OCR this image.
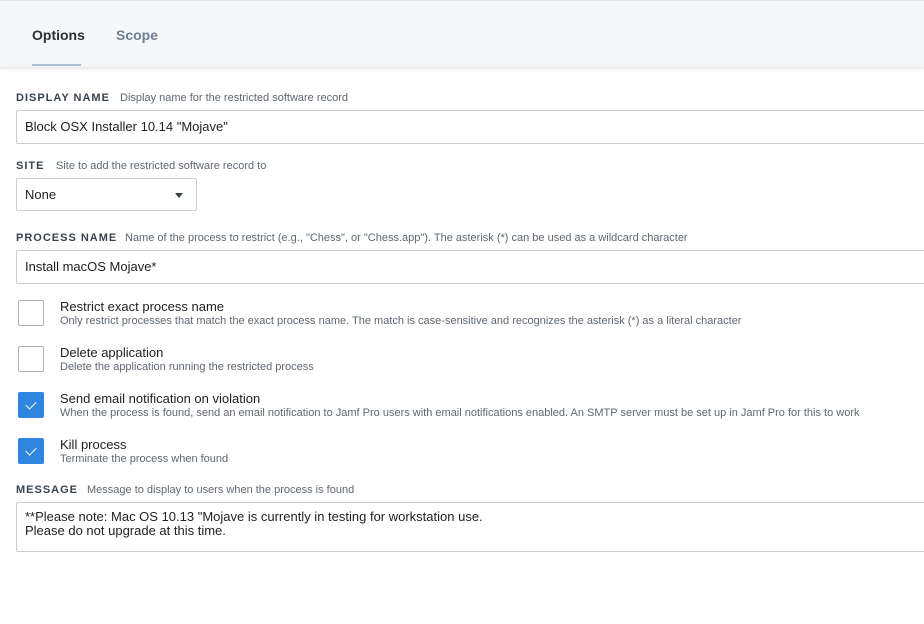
Options Scope
DISPLAY NAME Display name for the restricted software record
Block OSX Installer 10.14 "Mojave"
SITE Site to add the restricted software record to
None
PROCESS NAME Name of the process to restrict (e.g., "Chess", or "Chess.app"). The asterisk (*) can be used as a wildcard character
Install macOS Mojave*
Restrict exact process name
Only restrict processes that match the exact process name. The match is case-sensitive and recognizes the asterisk (*) as a literal character
Delete application
Delete the application running the restricted process
Send email notification on violation
When the process is found, send an email notification to Jamf Pro users with email notifications enabled. An SMTP server must be set up in Jamf Pro for this to work
Kill process
Terminate the process when found
MESSAGE Message to display to users when the process is found
**Please note: Mac OS 10.13 "Mojave is currently in testing for workstation use.
Please do not upgrade at this time.
